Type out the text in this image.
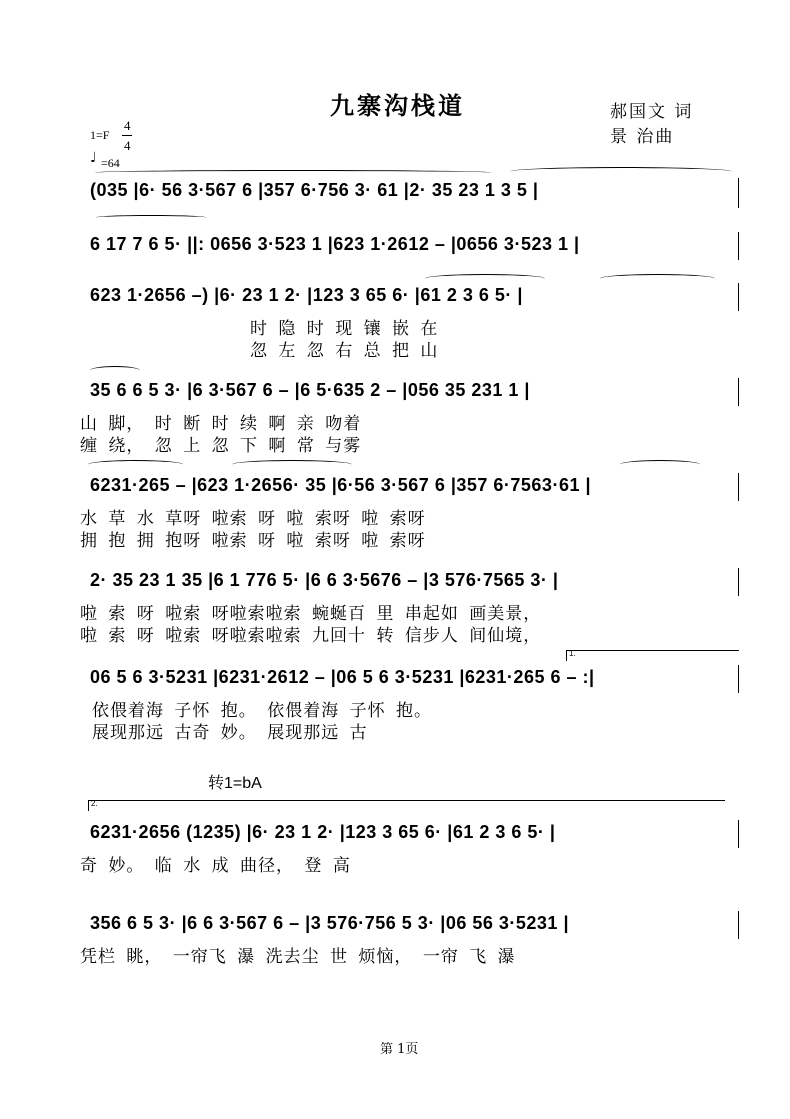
九寨沟栈道	郝国文 词
景 治曲
1=F
4
4
♩ =64
(035 |6· 56 3·567 6 |357 6·756 3· 61 |2· 35 23 1 3 5 |
6 17 7 6 5· ||: 0656 3·523 1 |623 1·2612 – |0656 3·523 1 |
623 1·2656 –) |6· 23 1 2· |123 3 65 6· |61 2 3 6 5· |
时 隐 时 现 镶 嵌 在
忽 左 忽 右 总 把 山
35 6 6 5 3· |6 3·567 6 – |6 5·635 2 – |056 35 231 1 |
山 脚， 时 断 时 续 啊 亲 吻着
缠 绕， 忽 上 忽 下 啊 常 与雾
6231·265 – |623 1·2656· 35 |6·56 3·567 6 |357 6·7563·61 |
水 草 水 草呀 啦索 呀 啦 索呀 啦 索呀
拥 抱 拥 抱呀 啦索 呀 啦 索呀 啦 索呀
2· 35 23 1 35 |6 1 776 5· |6 6 3·5676 – |3 576·7565 3· |
啦 索 呀 啦索 呀啦索啦索 蜿蜒百 里 串起如 画美景，
啦 索 呀 啦索 呀啦索啦索 九回十 转 信步人 间仙境，
1.
06 5 6 3·5231 |6231·2612 – |06 5 6 3·5231 |6231·265 6 – :|
依偎着海 子怀 抱。 依偎着海 子怀 抱。
展现那远 古奇 妙。 展现那远 古
转1=bA
2.
6231·2656 (1235) |6· 23 1 2· |123 3 65 6· |61 2 3 6 5· |
奇 妙。 临 水 成 曲径， 登 高
356 6 5 3· |6 6 3·567 6 – |3 576·756 5 3· |06 56 3·5231 |
凭栏 眺， 一帘飞 瀑 洗去尘 世 烦恼， 一帘 飞 瀑
第 1页
